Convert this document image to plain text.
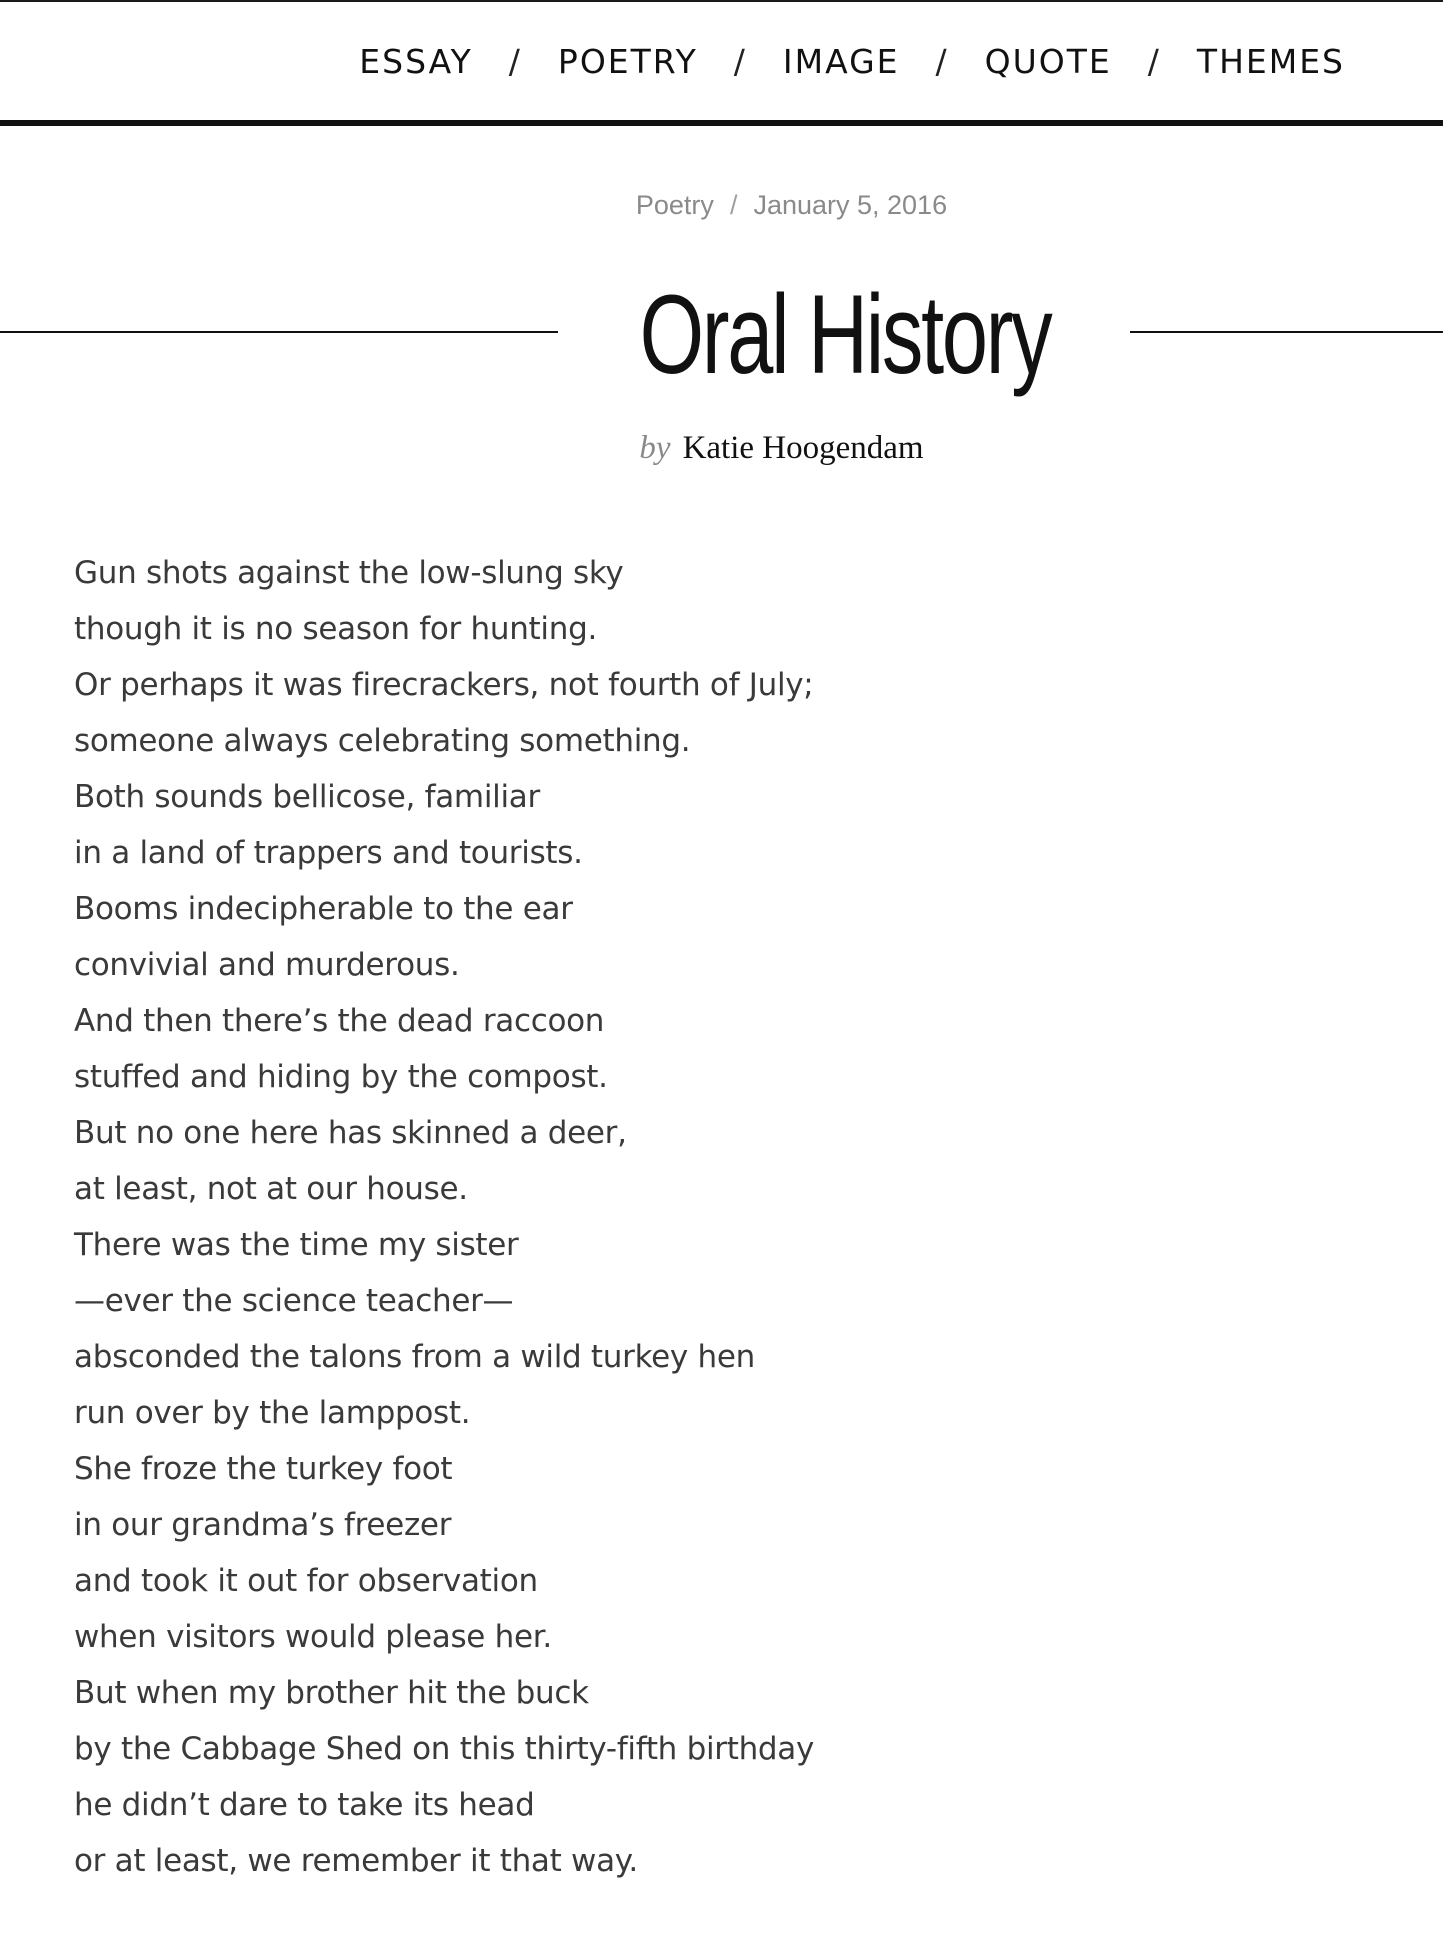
ESSAY / POETRY / IMAGE / QUOTE / THEMES
Poetry / January 5, 2016
Oral History
by Katie Hoogendam
Gun shots against the low-slung sky
though it is no season for hunting.
Or perhaps it was firecrackers, not fourth of July;
someone always celebrating something.
Both sounds bellicose, familiar
in a land of trappers and tourists.
Booms indecipherable to the ear
convivial and murderous.
And then there’s the dead raccoon
stuffed and hiding by the compost.
But no one here has skinned a deer,
at least, not at our house.
There was the time my sister
—ever the science teacher—
absconded the talons from a wild turkey hen
run over by the lamppost.
She froze the turkey foot
in our grandma’s freezer
and took it out for observation
when visitors would please her.
But when my brother hit the buck
by the Cabbage Shed on this thirty-fifth birthday
he didn’t dare to take its head
or at least, we remember it that way.
